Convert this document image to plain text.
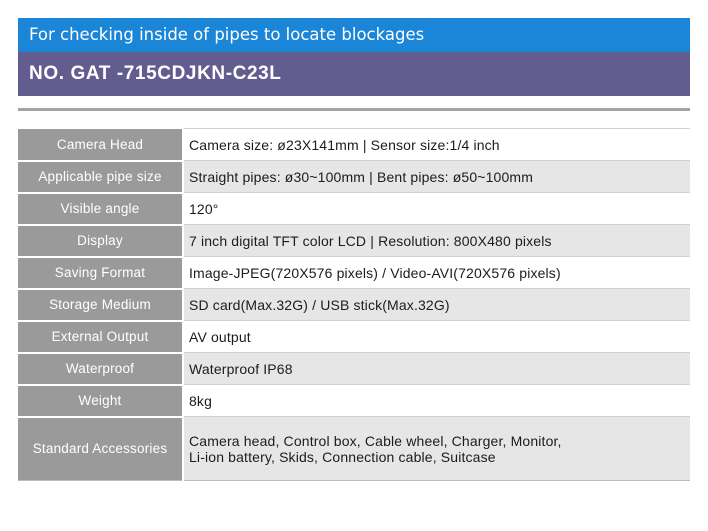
For checking inside of pipes to locate blockages
NO. GAT -715CDJKN-C23L
Camera Head	Camera size: ø23X141mm | Sensor size:1/4 inch
Applicable pipe size	Straight pipes: ø30~100mm | Bent pipes: ø50~100mm
Visible angle	120°
Display	7 inch digital TFT color LCD | Resolution: 800X480 pixels
Saving Format	Image-JPEG(720X576 pixels) / Video-AVI(720X576 pixels)
Storage Medium	SD card(Max.32G) / USB stick(Max.32G)
External Output	AV output
Waterproof	Waterproof IP68
Weight	8kg
Standard Accessories	Camera head, Control box, Cable wheel, Charger, Monitor,
Li-ion battery, Skids, Connection cable, Suitcase
